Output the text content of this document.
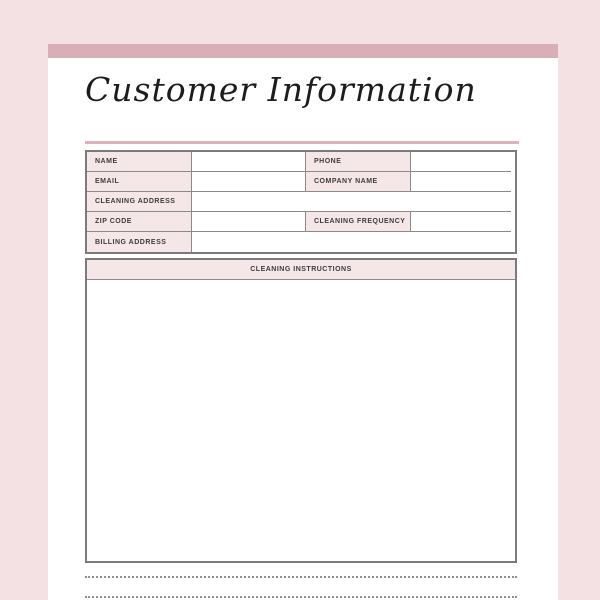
Customer Information
NAME	PHONE
EMAIL	COMPANY NAME
CLEANING ADDRESS
ZIP CODE	CLEANING FREQUENCY
BILLING ADDRESS
CLEANING INSTRUCTIONS
